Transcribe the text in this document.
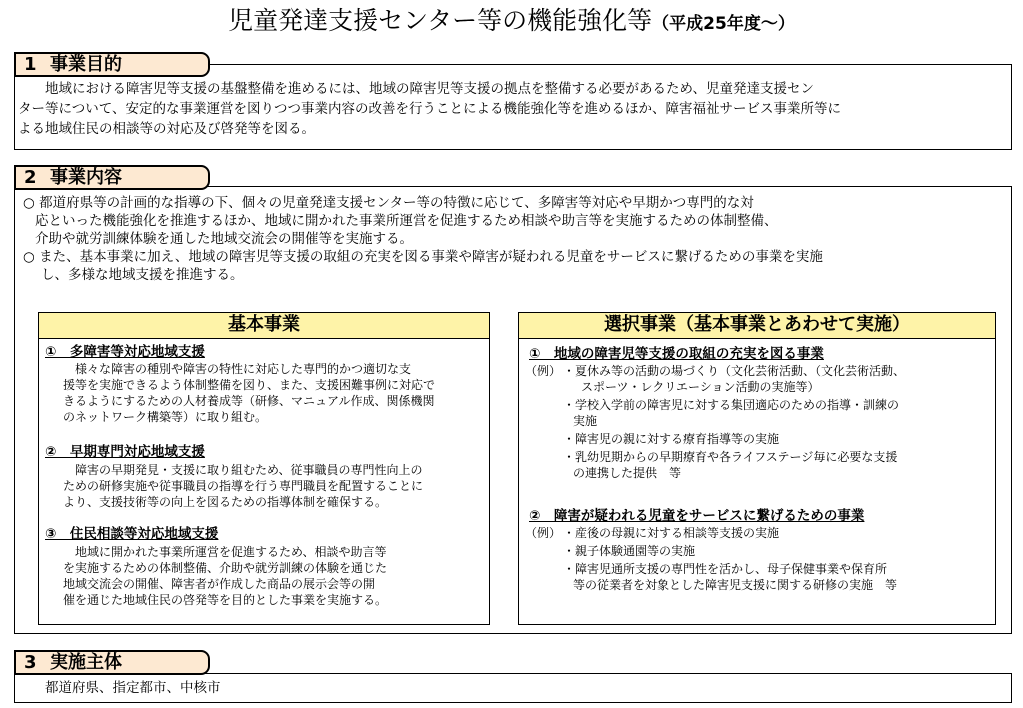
児童発達支援センター等の機能強化等（平成25年度～）
地域における障害児等支援の基盤整備を進めるには、地域の障害児等支援の拠点を整備する必要があるため、児童発達支援セン
ター等について、安定的な事業運営を図りつつ事業内容の改善を行うことによる機能強化等を進めるほか、障害福祉サービス事業所等に
よる地域住民の相談等の対応及び啓発等を図る。
1 事業目的
○ 都道府県等の計画的な指導の下、個々の児童発達支援センター等の特徴に応じて、多障害等対応や早期かつ専門的な対
応といった機能強化を推進するほか、地域に開かれた事業所運営を促進するため相談や助言等を実施するための体制整備、
介助や就労訓練体験を通した地域交流会の開催等を実施する。
○ また、基本事業に加え、地域の障害児等支援の取組の充実を図る事業や障害が疑われる児童をサービスに繋げるための事業を実施
し、多様な地域支援を推進する。
2 事業内容
①　多障害等対応地域支援
様々な障害の種別や障害の特性に対応した専門的かつ適切な支
援等を実施できるよう体制整備を図り、また、支援困難事例に対応で
きるようにするための人材養成等（研修、マニュアル作成、関係機関
のネットワーク構築等）に取り組む。
②　早期専門対応地域支援
障害の早期発見・支援に取り組むため、従事職員の専門性向上の
ための研修実施や従事職員の指導を行う専門職員を配置することに
より、支援技術等の向上を図るための指導体制を確保する。
③　住民相談等対応地域支援
地域に開かれた事業所運営を促進するため、相談や助言等
を実施するための体制整備、介助や就労訓練の体験を通じた
地域交流会の開催、障害者が作成した商品の展示会等の開
催を通じた地域住民の啓発等を目的とした事業を実施する。
基本事業
①　地域の障害児等支援の取組の充実を図る事業
（例） ・夏休み等の活動の場づくり（文化芸術活動、（文化芸術活動、
スポーツ・レクリエーション活動の実施等）
・学校入学前の障害児に対する集団適応のための指導・訓練の
実施
・障害児の親に対する療育指導等の実施
・乳幼児期からの早期療育や各ライフステージ毎に必要な支援
の連携した提供　等
②　障害が疑われる児童をサービスに繋げるための事業
（例） ・産後の母親に対する相談等支援の実施
・親子体験通園等の実施
・障害児通所支援の専門性を活かし、母子保健事業や保育所
等の従業者を対象とした障害児支援に関する研修の実施　等
選択事業（基本事業とあわせて実施）
都道府県、指定都市、中核市
3 実施主体
